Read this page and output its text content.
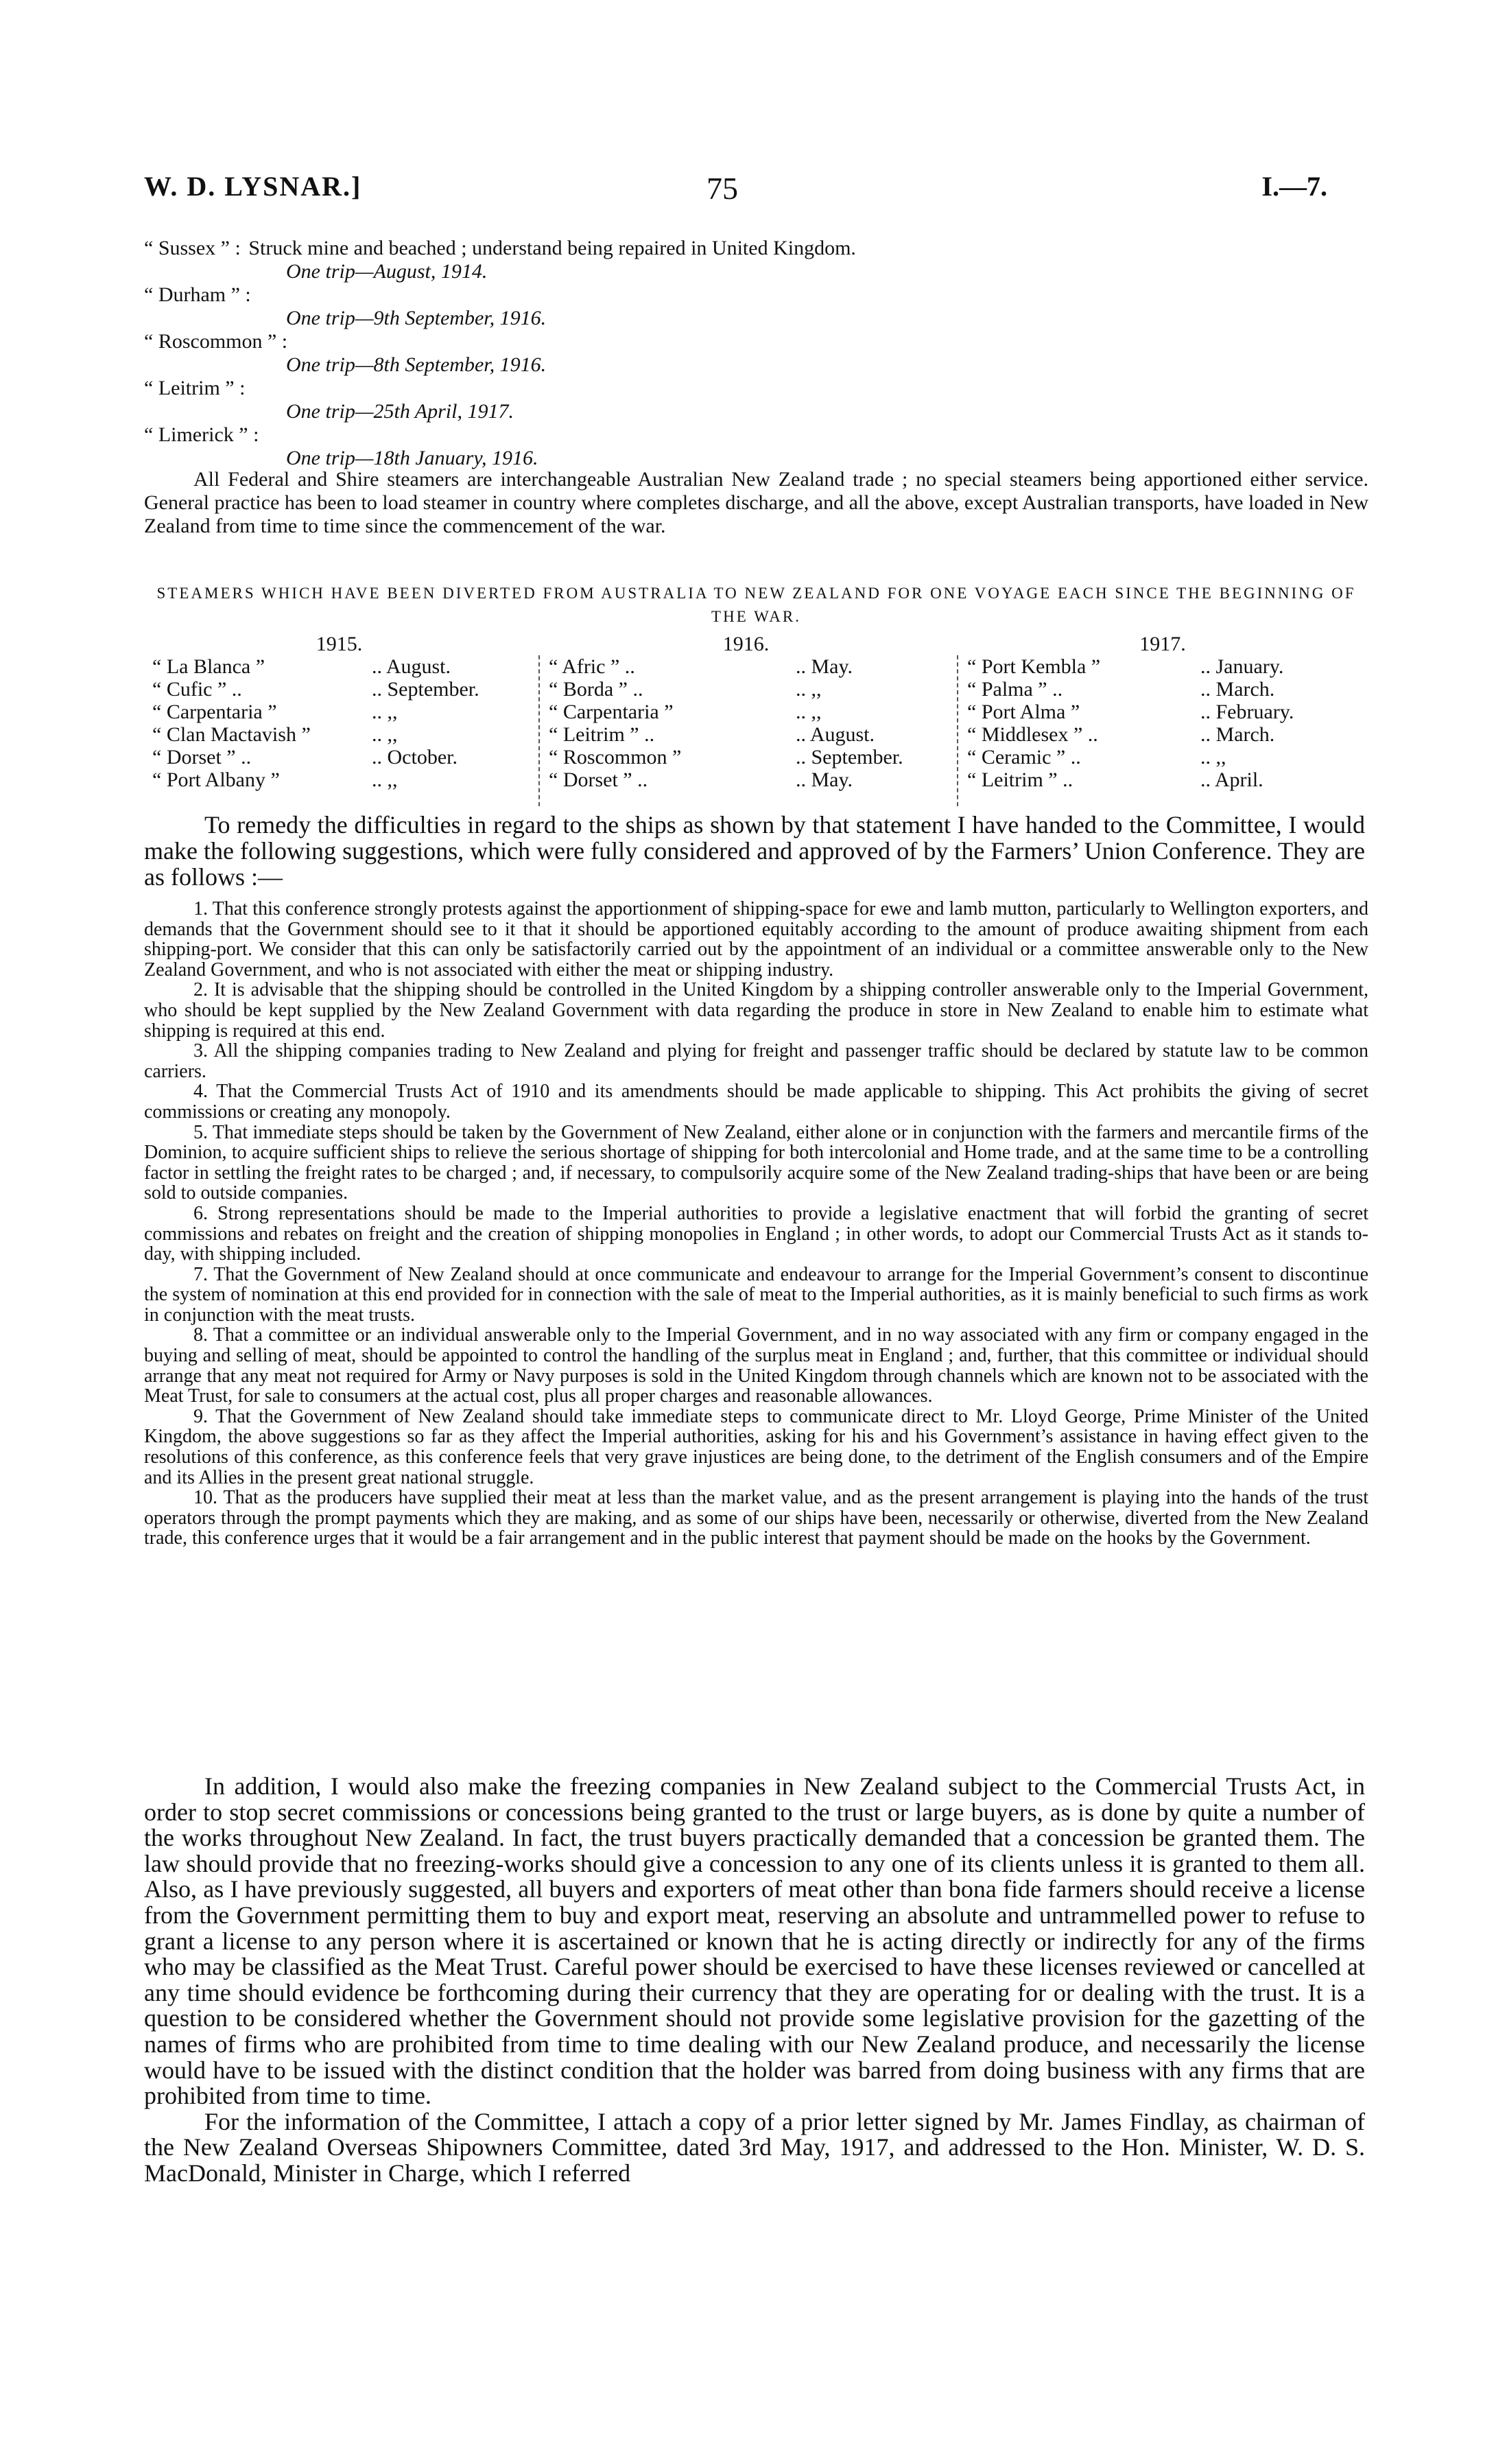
W. D. LYSNAR.]	75	I.—7.
“ Sussex ” : Struck mine and beached ; understand being repaired in United Kingdom.
One trip—August, 1914.
“ Durham ” :
One trip—9th September, 1916.
“ Roscommon ” :
One trip—8th September, 1916.
“ Leitrim ” :
One trip—25th April, 1917.
“ Limerick ” :
One trip—18th January, 1916.

All Federal and Shire steamers are interchangeable Australian New Zealand trade ; no special steamers being apportioned either service. General practice has been to load steamer in country where completes discharge, and all the above, except Australian transports, have loaded in New Zealand from time to time since the commencement of the war.

STEAMERS WHICH HAVE BEEN DIVERTED FROM AUSTRALIA TO NEW ZEALAND FOR ONE VOYAGE EACH SINCE THE BEGINNING OF THE WAR.

1915.
“ La Blanca ”	.. August.
“ Cufic ” ..	.. September.
“ Carpentaria ”	.. ,,
“ Clan Mactavish ”	.. ,,
“ Dorset ” ..	.. October.
“ Port Albany ”	.. ,,
1916.
“ Afric ” ..	.. May.
“ Borda ” ..	.. ,,
“ Carpentaria ”	.. ,,
“ Leitrim ” ..	.. August.
“ Roscommon ”	.. September.
“ Dorset ” ..	.. May.
1917.
“ Port Kembla ”	.. January.
“ Palma ” ..	.. March.
“ Port Alma ”	.. February.
“ Middlesex ” ..	.. March.
“ Ceramic ” ..	.. ,,
“ Leitrim ” ..	.. April.

To remedy the difficulties in regard to the ships as shown by that statement I have handed to the Committee, I would make the following suggestions, which were fully considered and approved of by the Farmers’ Union Conference. They are as follows :—

1. That this conference strongly protests against the apportionment of shipping-space for ewe and lamb mutton, particularly to Wellington exporters, and demands that the Government should see to it that it should be apportioned equitably according to the amount of produce awaiting shipment from each shipping-port. We consider that this can only be satisfactorily carried out by the appointment of an individual or a committee answerable only to the New Zealand Government, and who is not associated with either the meat or shipping industry.

2. It is advisable that the shipping should be controlled in the United Kingdom by a shipping controller answerable only to the Imperial Government, who should be kept supplied by the New Zealand Government with data regarding the produce in store in New Zealand to enable him to estimate what shipping is required at this end.

3. All the shipping companies trading to New Zealand and plying for freight and passenger traffic should be declared by statute law to be common carriers.

4. That the Commercial Trusts Act of 1910 and its amendments should be made applicable to shipping. This Act prohibits the giving of secret commissions or creating any monopoly.

5. That immediate steps should be taken by the Government of New Zealand, either alone or in conjunction with the farmers and mercantile firms of the Dominion, to acquire sufficient ships to relieve the serious shortage of shipping for both intercolonial and Home trade, and at the same time to be a controlling factor in settling the freight rates to be charged ; and, if necessary, to compulsorily acquire some of the New Zealand trading-ships that have been or are being sold to outside companies.

6. Strong representations should be made to the Imperial authorities to provide a legislative enactment that will forbid the granting of secret commissions and rebates on freight and the creation of shipping monopolies in England ; in other words, to adopt our Commercial Trusts Act as it stands to-day, with shipping included.

7. That the Government of New Zealand should at once communicate and endeavour to arrange for the Imperial Government’s consent to discontinue the system of nomination at this end provided for in connection with the sale of meat to the Imperial authorities, as it is mainly beneficial to such firms as work in conjunction with the meat trusts.

8. That a committee or an individual answerable only to the Imperial Government, and in no way associated with any firm or company engaged in the buying and selling of meat, should be appointed to control the handling of the surplus meat in England ; and, further, that this committee or individual should arrange that any meat not required for Army or Navy purposes is sold in the United Kingdom through channels which are known not to be associated with the Meat Trust, for sale to consumers at the actual cost, plus all proper charges and reasonable allowances.

9. That the Government of New Zealand should take immediate steps to communicate direct to Mr. Lloyd George, Prime Minister of the United Kingdom, the above suggestions so far as they affect the Imperial authorities, asking for his and his Government’s assistance in having effect given to the resolutions of this conference, as this conference feels that very grave injustices are being done, to the detriment of the English consumers and of the Empire and its Allies in the present great national struggle.

10. That as the producers have supplied their meat at less than the market value, and as the present arrangement is playing into the hands of the trust operators through the prompt payments which they are making, and as some of our ships have been, necessarily or otherwise, diverted from the New Zealand trade, this conference urges that it would be a fair arrangement and in the public interest that payment should be made on the hooks by the Government.

In addition, I would also make the freezing companies in New Zealand subject to the Commercial Trusts Act, in order to stop secret commissions or concessions being granted to the trust or large buyers, as is done by quite a number of the works throughout New Zealand. In fact, the trust buyers practically demanded that a concession be granted them. The law should provide that no freezing-works should give a concession to any one of its clients unless it is granted to them all. Also, as I have previously suggested, all buyers and exporters of meat other than bona fide farmers should receive a license from the Government permitting them to buy and export meat, reserving an absolute and untrammelled power to refuse to grant a license to any person where it is ascertained or known that he is acting directly or indirectly for any of the firms who may be classified as the Meat Trust. Careful power should be exercised to have these licenses reviewed or cancelled at any time should evidence be forthcoming during their currency that they are operating for or dealing with the trust. It is a question to be considered whether the Government should not provide some legislative provision for the gazetting of the names of firms who are prohibited from time to time dealing with our New Zealand produce, and necessarily the license would have to be issued with the distinct condition that the holder was barred from doing business with any firms that are prohibited from time to time.

For the information of the Committee, I attach a copy of a prior letter signed by Mr. James Findlay, as chairman of the New Zealand Overseas Shipowners Committee, dated 3rd May, 1917, and addressed to the Hon. Minister, W. D. S. MacDonald, Minister in Charge, which I referred
